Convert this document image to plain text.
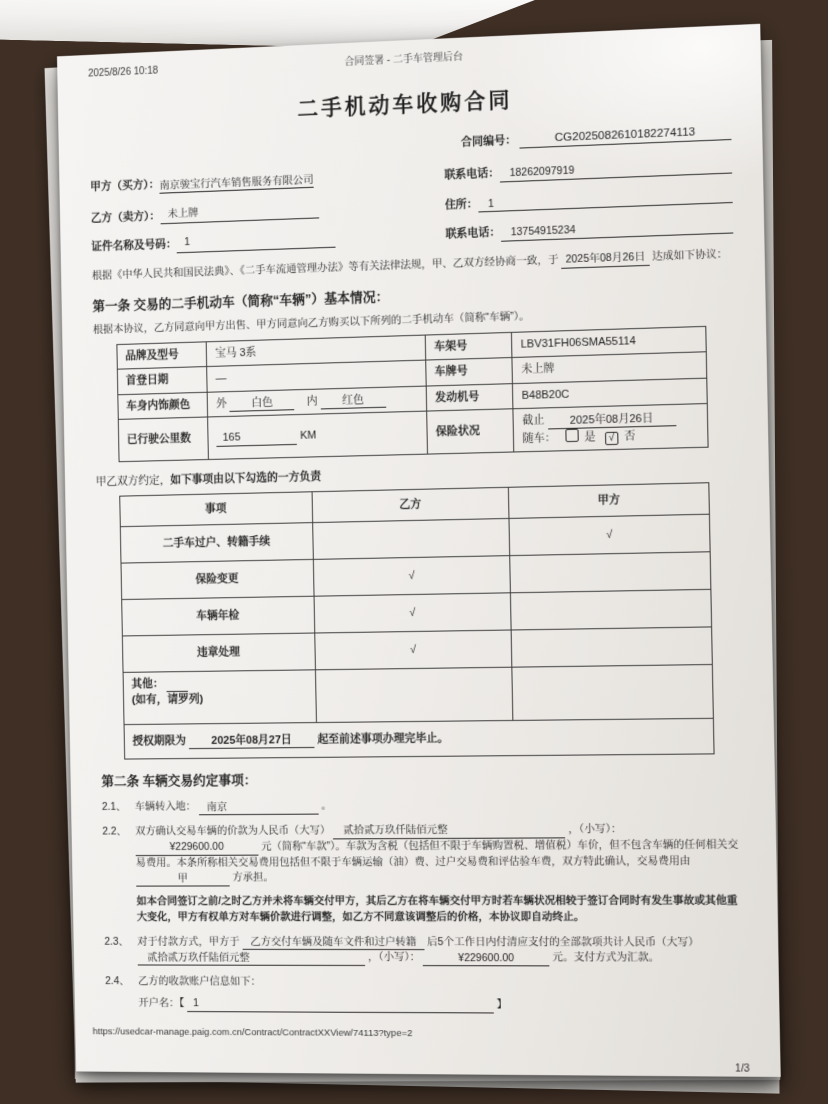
2025/8/26 10:18
合同签署 - 二手车管理后台
二手机动车收购合同
合同编号：	CG2025082610182274113
甲方（买方）： 南京骏宝行汽车销售服务有限公司	联系电话： 18262097919
乙方（卖方）： 未上牌
住所： 1
证件名称及号码： 1
联系电话： 13754915234
根据《中华人民共和国民法典》、《二手车流通管理办法》等有关法律法规，甲、乙双方经协商一致，于 2025年08月26日 达成如下协议：
第一条 交易的二手机动车（简称“车辆”）基本情况：
根据本协议，乙方同意向甲方出售、甲方同意向乙方购买以下所列的二手机动车（简称“车辆”）。
品牌及型号	宝马 3系	车架号	LBV31FH06SMA55114
首登日期	—	车牌号	未上牌
车身内饰颜色	外 白色 内 红色	发动机号	B48B20C
已行驶公里数	165 KM	保险状况	截止 2025年08月26日
随车： 是 √ 否
甲乙双方约定，如下事项由以下勾选的一方负责
事项	乙方	甲方
二手车过户、转籍手续		√
保险变更	√	
车辆年检	√	
违章处理	√	

其他：
(如有，请罗列)		

授权期限为 2025年08月27日 起至前述事项办理完毕止。		
第二条 车辆交易约定事项：
2.1、 车辆转入地： 南京	。
2.2、 双方确认交易车辆的价款为人民币（大写） 贰拾贰万玖仟陆佰元整	，（小写）： ¥229600.00	元（简称“车款”）。车款为含税（包括但不限于车辆购置税、增值税）车价，但不包含车辆的任何相关交易费用。本条所称相关交易费用包括但不限于车辆运输（油）费、过户交易费和评估验车费，双方特此确认，交易费用由 甲	方承担。

如本合同签订之前/之时乙方并未将车辆交付甲方，其后乙方在将车辆交付甲方时若车辆状况相较于签订合同时有发生事故或其他重大变化，甲方有权单方对车辆价款进行调整，如乙方不同意该调整后的价格，本协议即自动终止。

2.3、 对于付款方式，甲方于 乙方交付车辆及随车文件和过户转籍 后5个工作日内付清应支付的全部款项共计人民币（大写） 贰拾贰万玖仟陆佰元整	，（小写）：	¥229600.00	元。支付方式为汇款。
2.4、 乙方的收款账户信息如下：
开户名：【 1	】
https://usedcar-manage.paig.com.cn/Contract/ContractXXView/74113?type=2
1/3
